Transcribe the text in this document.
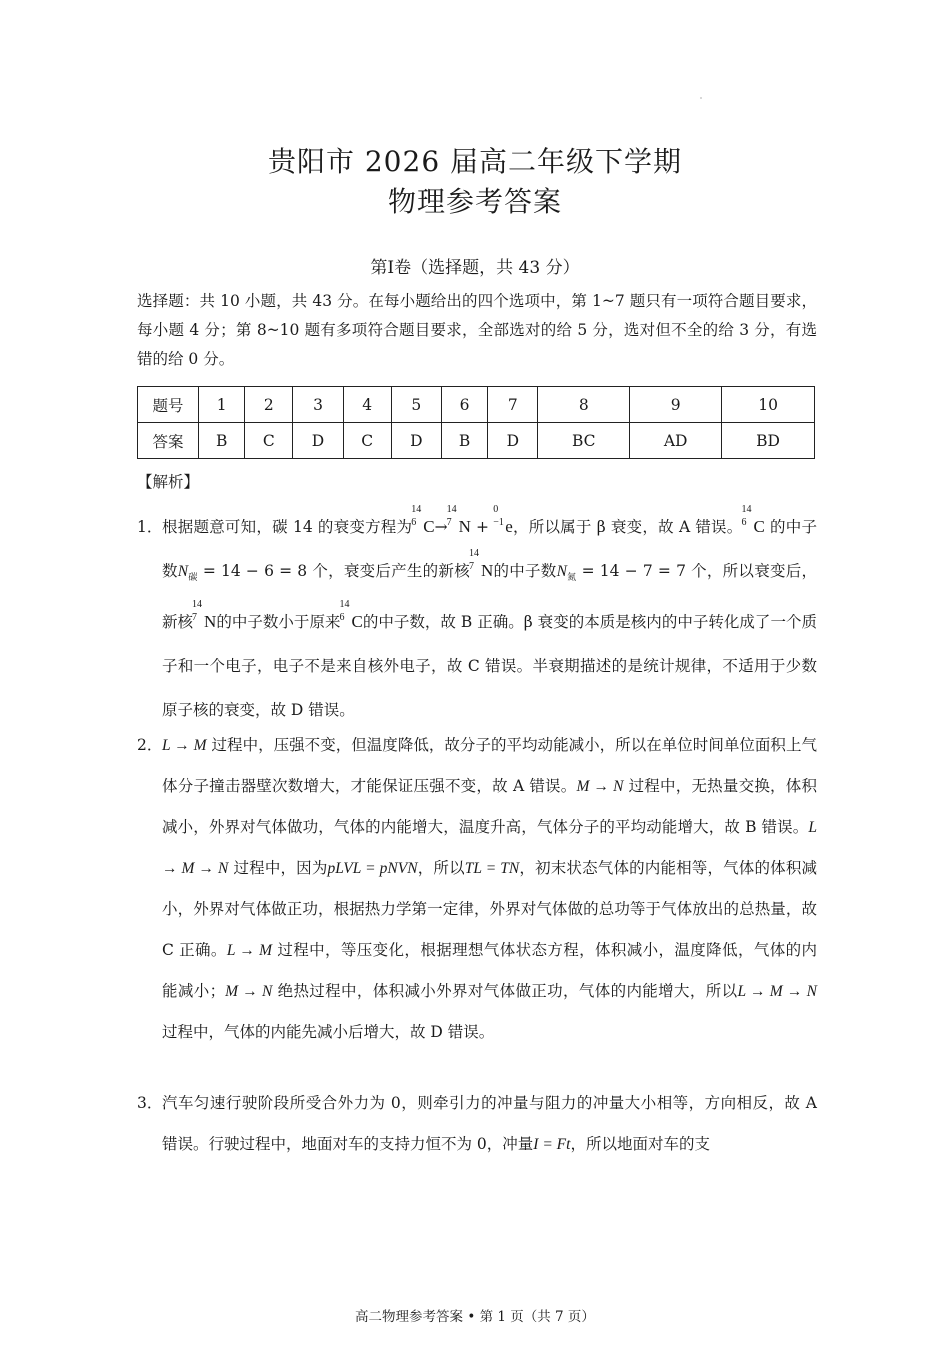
贵阳市 2026 届高二年级下学期
物理参考答案
第Ⅰ卷（选择题，共 43 分）
选择题：共 10 小题，共 43 分。在每小题给出的四个选项中，第 1~7 题只有一项符合题目要求，每小题 4 分；第 8~10 题有多项符合题目要求，全部选对的给 5 分，选对但不全的给 3 分，有选错的给 0 分。
题号	1	2	3	4	5	6	7	8	9	10
答案	B	C	D	C	D	B	D	BC	AD	BD
【解析】
1． 根据题意可知，碳 14 的衰变方程为
14
6 C→
14
7 N +
0
−1 e，所以属于 β 衰变，故 A 错误。
14
6 C 的中子数$N_碳 = 14 - 6 = 8$ 个，衰变后产生的新核
14
7 N的中子数$N_氮 = 14 - 7 = 7$ 个，所以衰变后，新核
14
7 N的中子数小于原来
14
6 C的中子数，故 B 正确。β 衰变的本质是核内的中子转化成了一个质子和一个电子，电子不是来自核外电子，故 C 错误。半衰期描述的是统计规律，不适用于少数原子核的衰变，故 D 错误。
2． L → M 过程中，压强不变，但温度降低，故分子的平均动能减小，所以在单位时间单位面积上气体分子撞击器壁次数增大，才能保证压强不变，故 A 错误。M → N 过程中，无热量交换，体积减小，外界对气体做功，气体的内能增大，温度升高，气体分子的平均动能增大，故 B 错误。L → M → N 过程中，因为pLVL = pNVN，所以TL = TN，初末状态气体的内能相等，气体的体积减小，外界对气体做正功，根据热力学第一定律，外界对气体做的总功等于气体放出的总热量，故 C 正确。L → M 过程中，等压变化，根据理想气体状态方程，体积减小，温度降低，气体的内能减小；M → N 绝热过程中，体积减小外界对气体做正功，气体的内能增大，所以L → M → N 过程中，气体的内能先减小后增大，故 D 错误。
3． 汽车匀速行驶阶段所受合外力为 0，则牵引力的冲量与阻力的冲量大小相等，方向相反，故 A 错误。行驶过程中，地面对车的支持力恒不为 0，冲量I = Ft，所以地面对车的支
高二物理参考答案 • 第 1 页（共 7 页）
